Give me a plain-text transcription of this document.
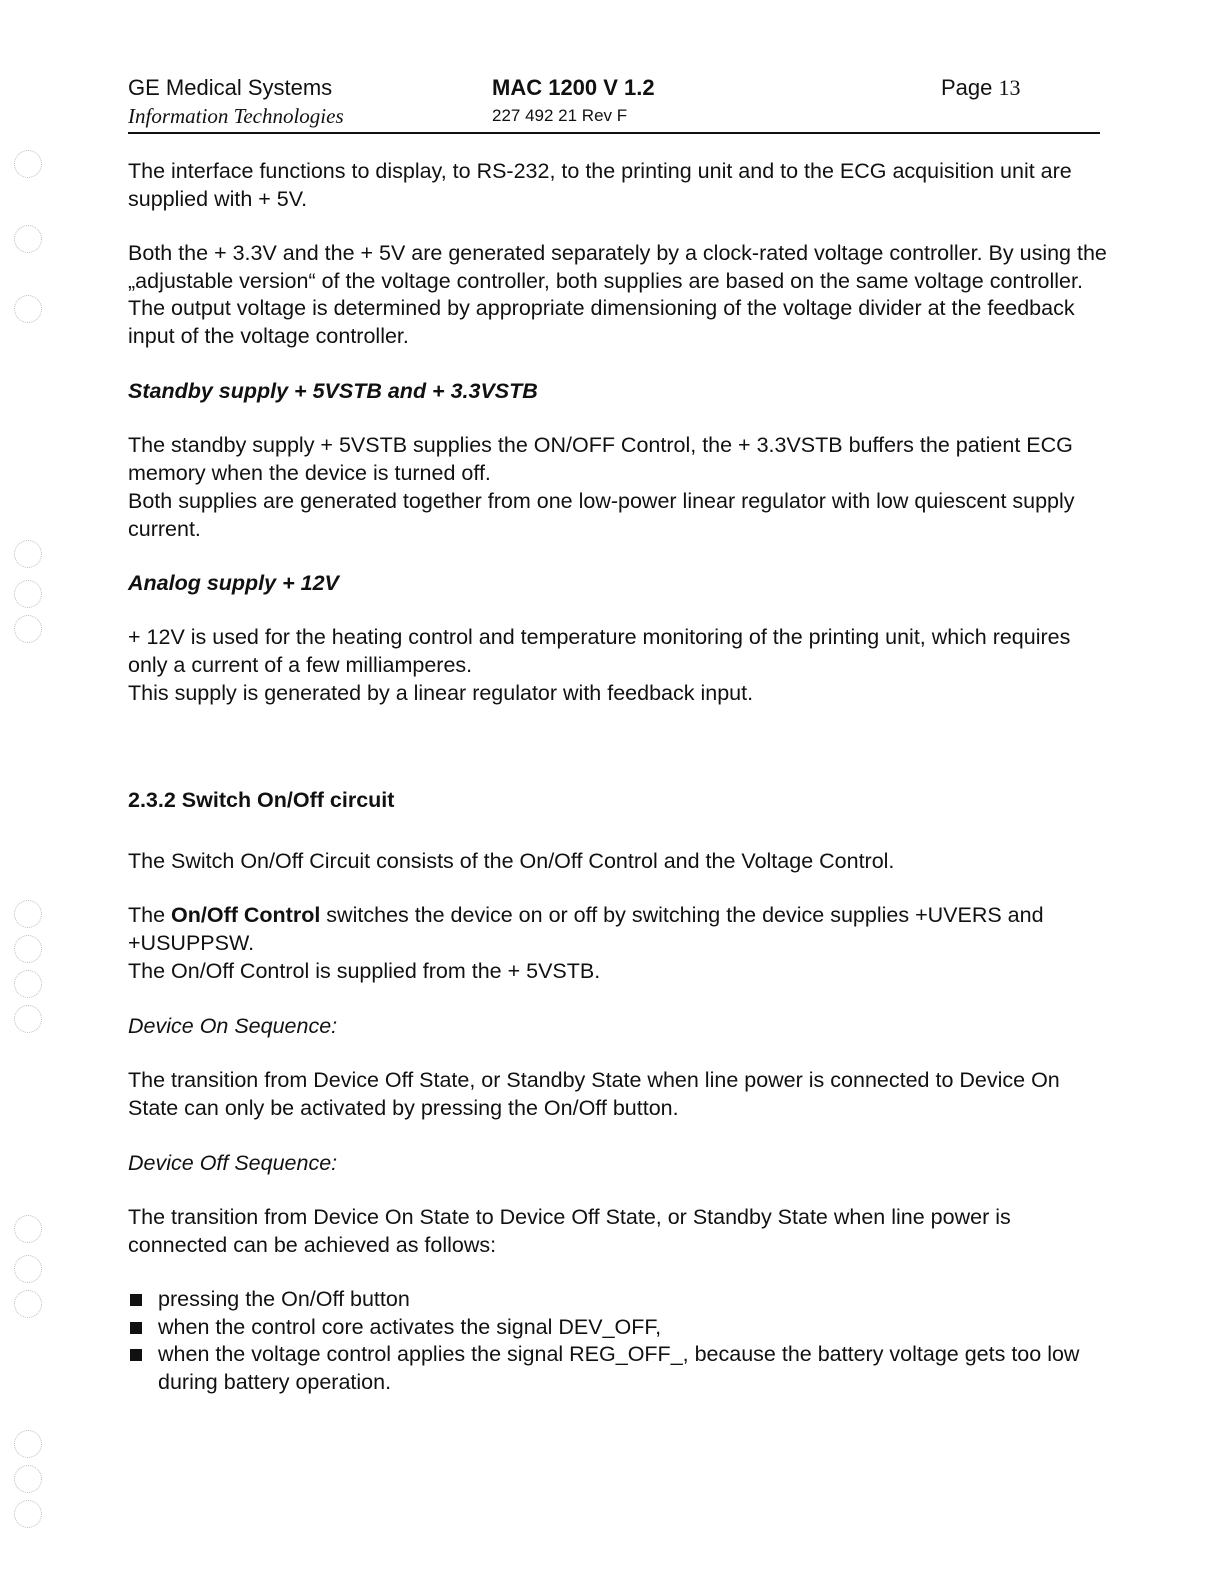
GE Medical Systems
Information Technologies
MAC 1200 V 1.2
227 492 21 Rev F
Page 13

The interface functions to display, to RS-232, to the printing unit and to the ECG acquisition unit are supplied with + 5V.

Both the + 3.3V and the + 5V are generated separately by a clock-rated voltage controller. By using the „adjustable version“ of the voltage controller, both supplies are based on the same voltage controller. The output voltage is determined by appropriate dimensioning of the voltage divider at the feedback input of the voltage controller.

Standby supply + 5VSTB and + 3.3VSTB

The standby supply + 5VSTB supplies the ON/OFF Control, the + 3.3VSTB buffers the patient ECG memory when the device is turned off.

Both supplies are generated together from one low-power linear regulator with low quiescent supply current.

Analog supply + 12V

+ 12V is used for the heating control and temperature monitoring of the printing unit, which requires only a current of a few milliamperes.

This supply is generated by a linear regulator with feedback input.

2.3.2 Switch On/Off circuit

The Switch On/Off Circuit consists of the On/Off Control and the Voltage Control.

The On/Off Control switches the device on or off by switching the device supplies +UVERS and +USUPPSW.

The On/Off Control is supplied from the + 5VSTB.

Device On Sequence:

The transition from Device Off State, or Standby State when line power is connected to Device On State can only be activated by pressing the On/Off button.

Device Off Sequence:

The transition from Device On State to Device Off State, or Standby State when line power is connected can be achieved as follows:

pressing the On/Off button
when the control core activates the signal DEV_OFF,
when the voltage control applies the signal REG_OFF_, because the battery voltage gets too low during battery operation.
